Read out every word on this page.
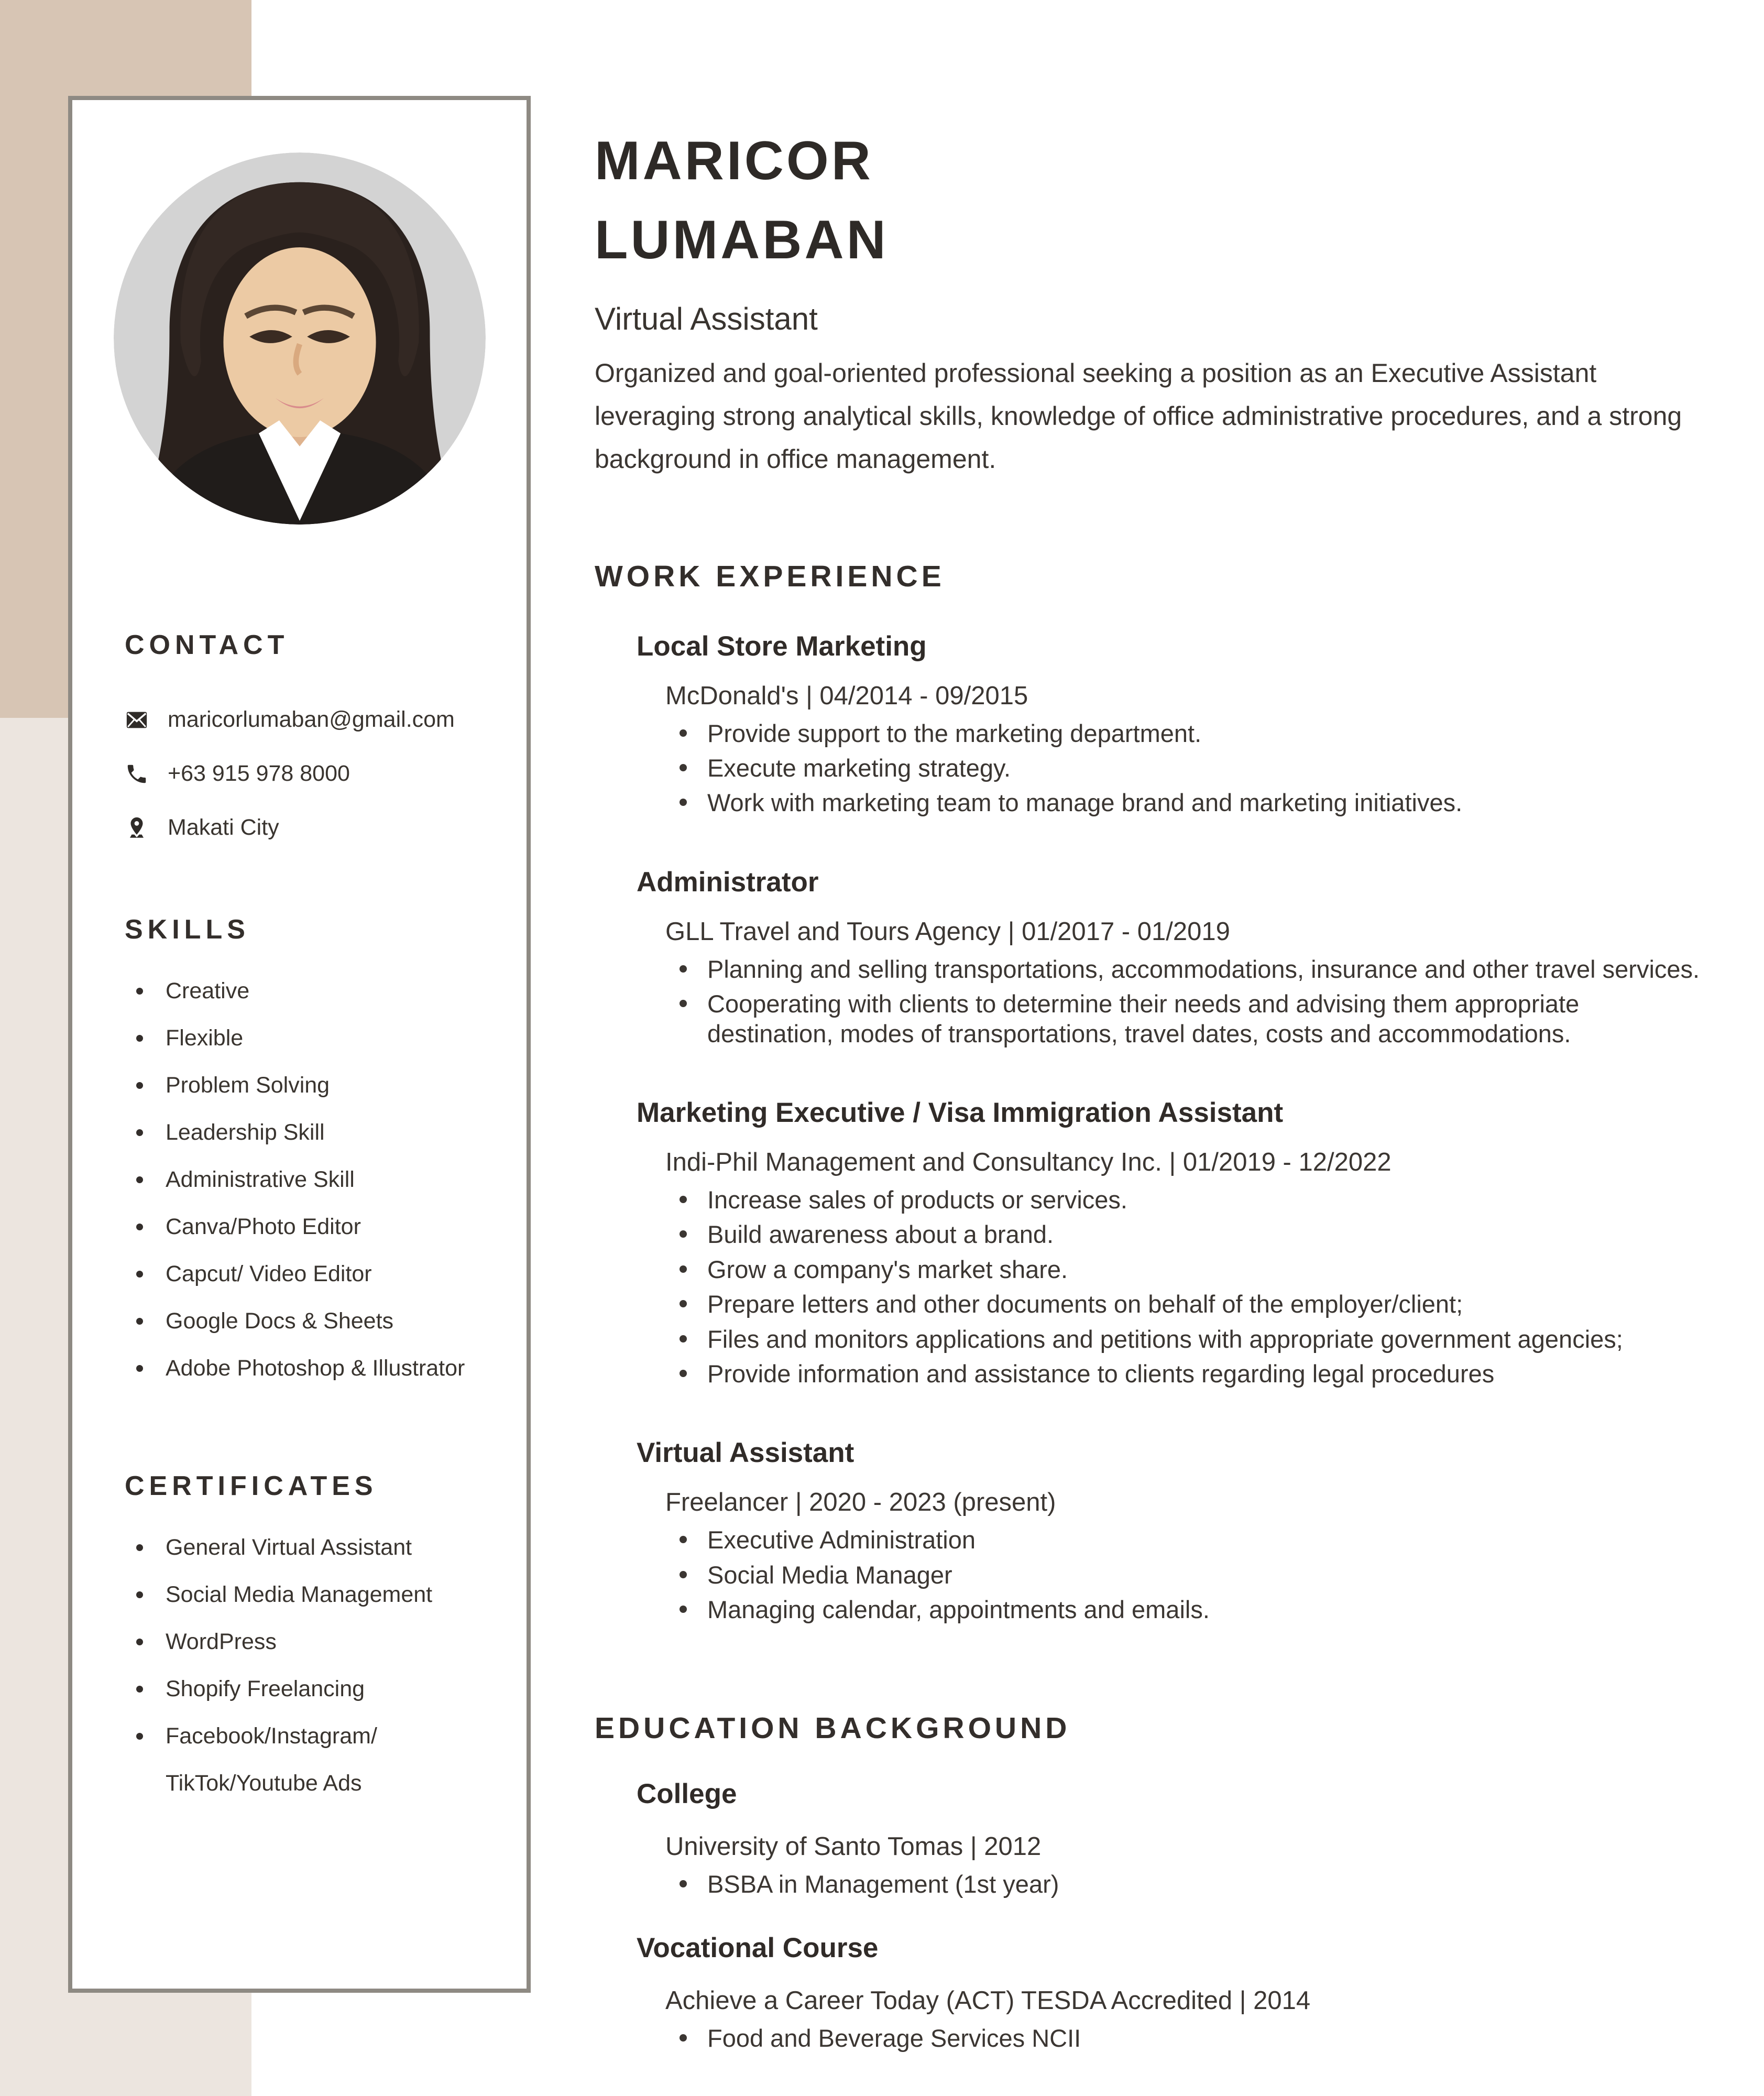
CONTACT
maricorlumaban@gmail.com
+63 915 978 8000
Makati City
SKILLS
Creative
Flexible
Problem Solving
Leadership Skill
Administrative Skill
Canva/Photo Editor
Capcut/ Video Editor
Google Docs & Sheets
Adobe Photoshop & Illustrator
CERTIFICATES
General Virtual Assistant
Social Media Management
WordPress
Shopify Freelancing
Facebook/Instagram/ TikTok/Youtube Ads
MARICOR
LUMABAN
Virtual Assistant

Organized and goal-oriented professional seeking a position as an Executive Assistant leveraging strong analytical skills, knowledge of office administrative procedures, and a strong background in office management.

WORK EXPERIENCE
Local Store Marketing
McDonald's | 04/2014 - 09/2015
Provide support to the marketing department.
Execute marketing strategy.
Work with marketing team to manage brand and marketing initiatives.
Administrator
GLL Travel and Tours Agency | 01/2017 - 01/2019
Planning and selling transportations, accommodations, insurance and other travel services.
Cooperating with clients to determine their needs and advising them appropriate destination, modes of transportations, travel dates, costs and accommodations.
Marketing Executive / Visa Immigration Assistant
Indi-Phil Management and Consultancy Inc. | 01/2019 - 12/2022
Increase sales of products or services.
Build awareness about a brand.
Grow a company's market share.
Prepare letters and other documents on behalf of the employer/client;
Files and monitors applications and petitions with appropriate government agencies;
Provide information and assistance to clients regarding legal procedures
Virtual Assistant
Freelancer | 2020 - 2023 (present)
Executive Administration
Social Media Manager
Managing calendar, appointments and emails.
EDUCATION BACKGROUND
College
University of Santo Tomas | 2012
BSBA in Management (1st year)
Vocational Course
Achieve a Career Today (ACT) TESDA Accredited | 2014
Food and Beverage Services NCII
